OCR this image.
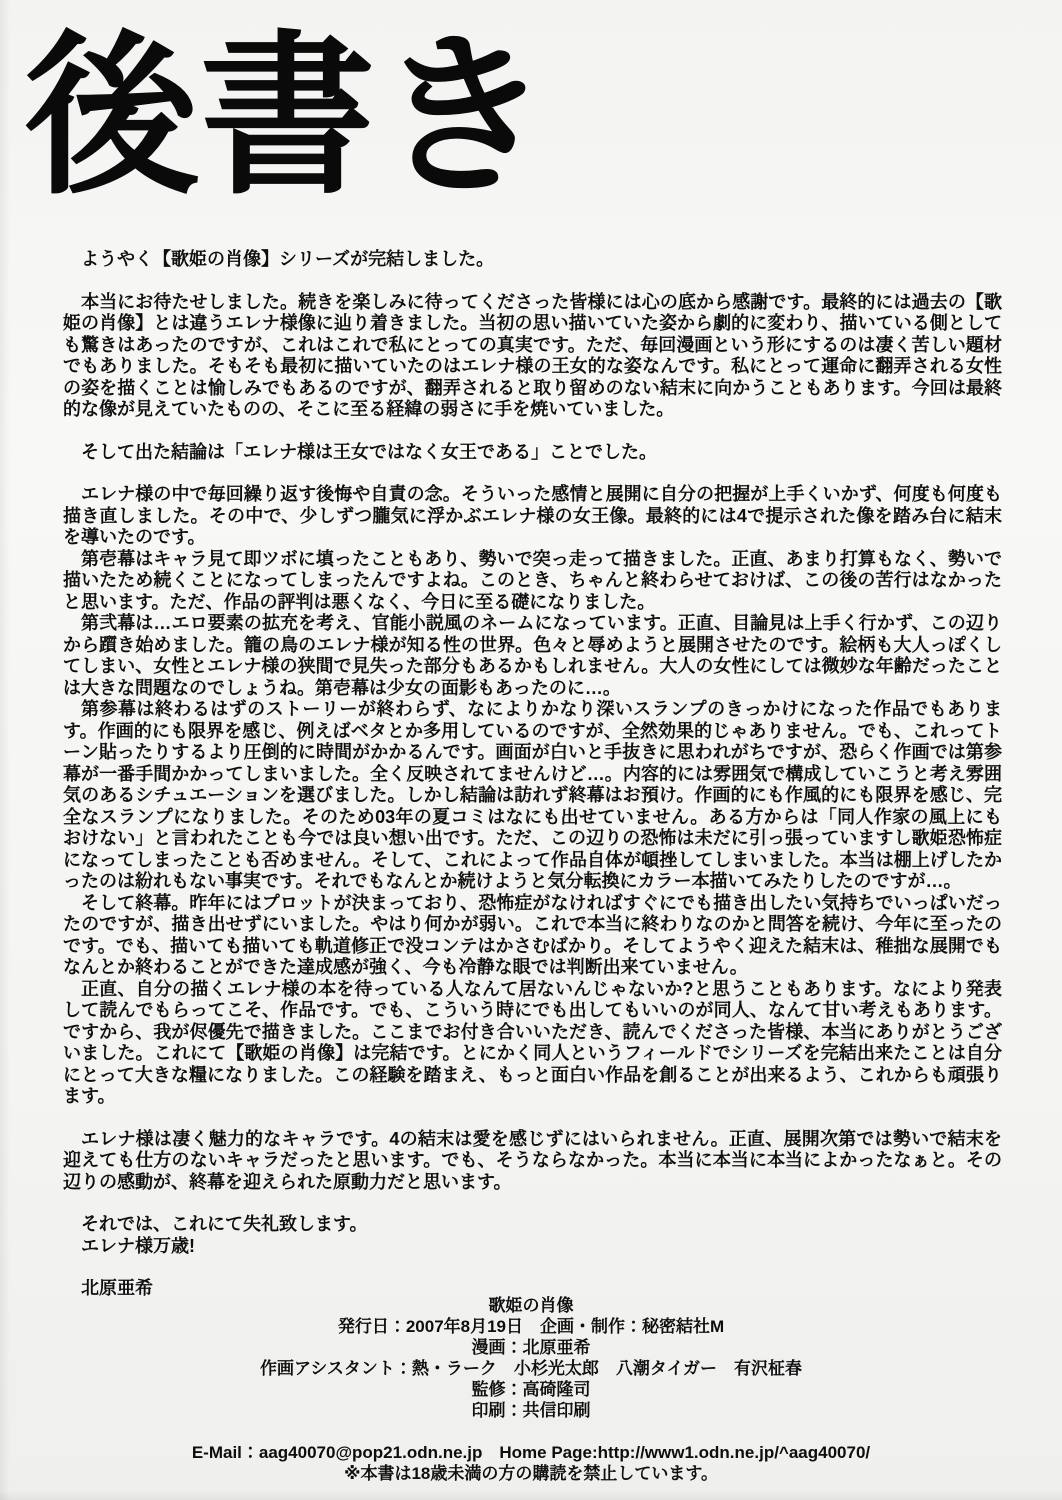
後書き

ようやく【歌姫の肖像】シリーズが完結しました。

本当にお待たせしました。続きを楽しみに待ってくださった皆様には心の底から感謝です。最終的には過去の【歌姫の肖像】とは違うエレナ様像に辿り着きました。当初の思い描いていた姿から劇的に変わり、描いている側としても驚きはあったのですが、これはこれで私にとっての真実です。ただ、毎回漫画という形にするのは凄く苦しい題材でもありました。そもそも最初に描いていたのはエレナ様の王女的な姿なんです。私にとって運命に翻弄される女性の姿を描くことは愉しみでもあるのですが、翻弄されると取り留めのない結末に向かうこともあります。今回は最終的な像が見えていたものの、そこに至る経緯の弱さに手を焼いていました。

そして出た結論は「エレナ様は王女ではなく女王である」ことでした。

エレナ様の中で毎回繰り返す後悔や自責の念。そういった感情と展開に自分の把握が上手くいかず、何度も何度も描き直しました。その中で、少しずつ朧気に浮かぶエレナ様の女王像。最終的には4で提示された像を踏み台に結末を導いたのです。

第壱幕はキャラ見て即ツボに填ったこともあり、勢いで突っ走って描きました。正直、あまり打算もなく、勢いで描いたため続くことになってしまったんですよね。このとき、ちゃんと終わらせておけば、この後の苦行はなかったと思います。ただ、作品の評判は悪くなく、今日に至る礎になりました。

第弐幕は…エロ要素の拡充を考え、官能小説風のネームになっています。正直、目論見は上手く行かず、この辺りから躓き始めました。籠の鳥のエレナ様が知る性の世界。色々と辱めようと展開させたのです。絵柄も大人っぽくしてしまい、女性とエレナ様の狭間で見失った部分もあるかもしれません。大人の女性にしては微妙な年齢だったことは大きな問題なのでしょうね。第壱幕は少女の面影もあったのに…。

第参幕は終わるはずのストーリーが終わらず、なによりかなり深いスランプのきっかけになった作品でもあります。作画的にも限界を感じ、例えばベタとか多用しているのですが、全然効果的じゃありません。でも、これってトーン貼ったりするより圧倒的に時間がかかるんです。画面が白いと手抜きに思われがちですが、恐らく作画では第参幕が一番手間かかってしまいました。全く反映されてませんけど…。内容的には雰囲気で構成していこうと考え雰囲気のあるシチュエーションを選びました。しかし結論は訪れず終幕はお預け。作画的にも作風的にも限界を感じ、完全なスランプになりました。そのため03年の夏コミはなにも出せていません。ある方からは「同人作家の風上にもおけない」と言われたことも今では良い想い出です。ただ、この辺りの恐怖は未だに引っ張っていますし歌姫恐怖症になってしまったことも否めません。そして、これによって作品自体が頓挫してしまいました。本当は棚上げしたかったのは紛れもない事実です。それでもなんとか続けようと気分転換にカラー本描いてみたりしたのですが…。

そして終幕。昨年にはプロットが決まっており、恐怖症がなければすぐにでも描き出したい気持ちでいっぱいだったのですが、描き出せずにいました。やはり何かが弱い。これで本当に終わりなのかと問答を続け、今年に至ったのです。でも、描いても描いても軌道修正で没コンテはかさむばかり。そしてようやく迎えた結末は、稚拙な展開でもなんとか終わることができた達成感が強く、今も冷静な眼では判断出来ていません。

正直、自分の描くエレナ様の本を待っている人なんて居ないんじゃないか?と思うこともあります。なにより発表して読んでもらってこそ、作品です。でも、こういう時にでも出してもいいのが同人、なんて甘い考えもあります。ですから、我が侭優先で描きました。ここまでお付き合いいただき、読んでくださった皆様、本当にありがとうございました。これにて【歌姫の肖像】は完結です。とにかく同人というフィールドでシリーズを完結出来たことは自分にとって大きな糧になりました。この経験を踏まえ、もっと面白い作品を創ることが出来るよう、これからも頑張ります。

エレナ様は凄く魅力的なキャラです。4の結末は愛を感じずにはいられません。正直、展開次第では勢いで結末を迎えても仕方のないキャラだったと思います。でも、そうならなかった。本当に本当に本当によかったなぁと。その辺りの感動が、終幕を迎えられた原動力だと思います。

それでは、これにて失礼致します。

エレナ様万歳!

北原亜希

歌姫の肖像

発行日：2007年8月19日　企画・制作：秘密結社M

漫画：北原亜希

作画アシスタント：熱・ラーク　小杉光太郎　八潮タイガー　有沢柾春

監修：高碕隆司

印刷：共信印刷

E-Mail：aag40070@pop21.odn.ne.jp　Home Page:http://www1.odn.ne.jp/^aag40070/

※本書は18歳未満の方の購読を禁止しています。
